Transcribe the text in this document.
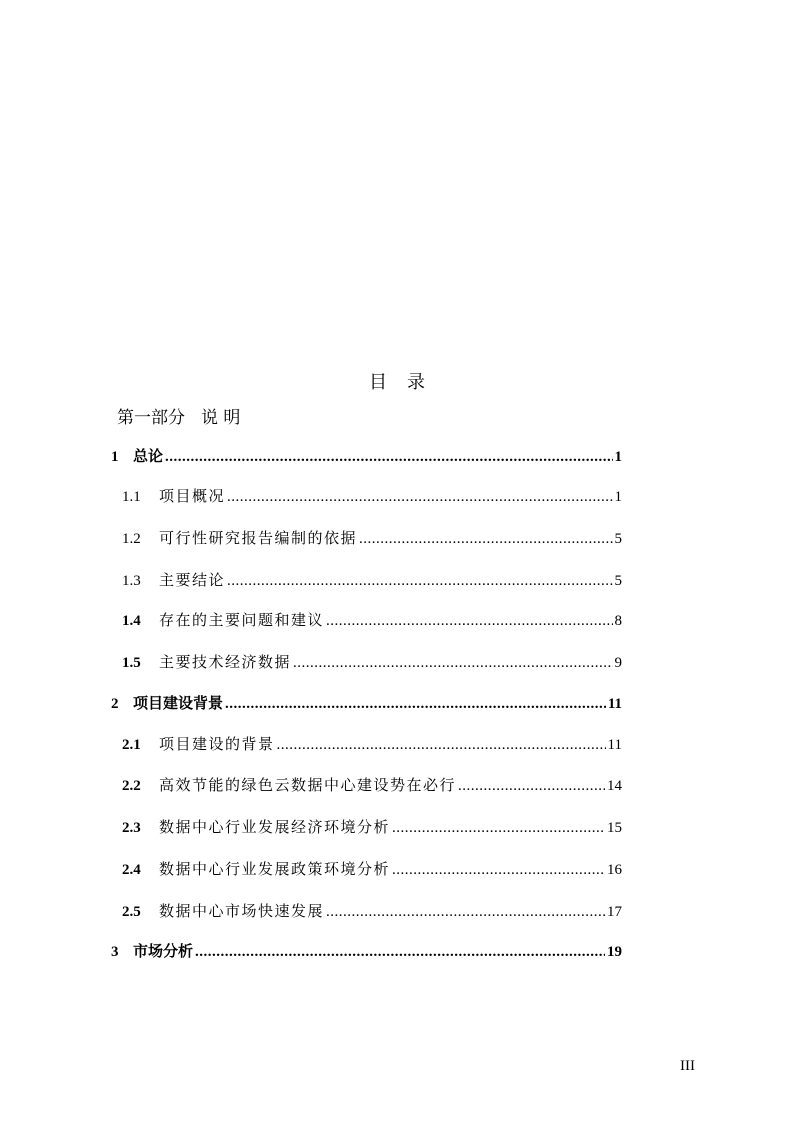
目 录
第一部分 说 明
1 总论 .....	1
1.1	项目概况 .....	1
1.2	可行性研究报告编制的依据 .....	5
1.3	主要结论 .....	5
1.4	存在的主要问题和建议 .....	8
1.5	主要技术经济数据 .....	9
2 项目建设背景 .....	11
2.1	项目建设的背景 .....	11
2.2	高效节能的绿色云数据中心建设势在必行 .....	14
2.3	数据中心行业发展经济环境分析 .....	15
2.4	数据中心行业发展政策环境分析 .....	16
2.5	数据中心市场快速发展 .....	17
3 市场分析 .....	19
III
